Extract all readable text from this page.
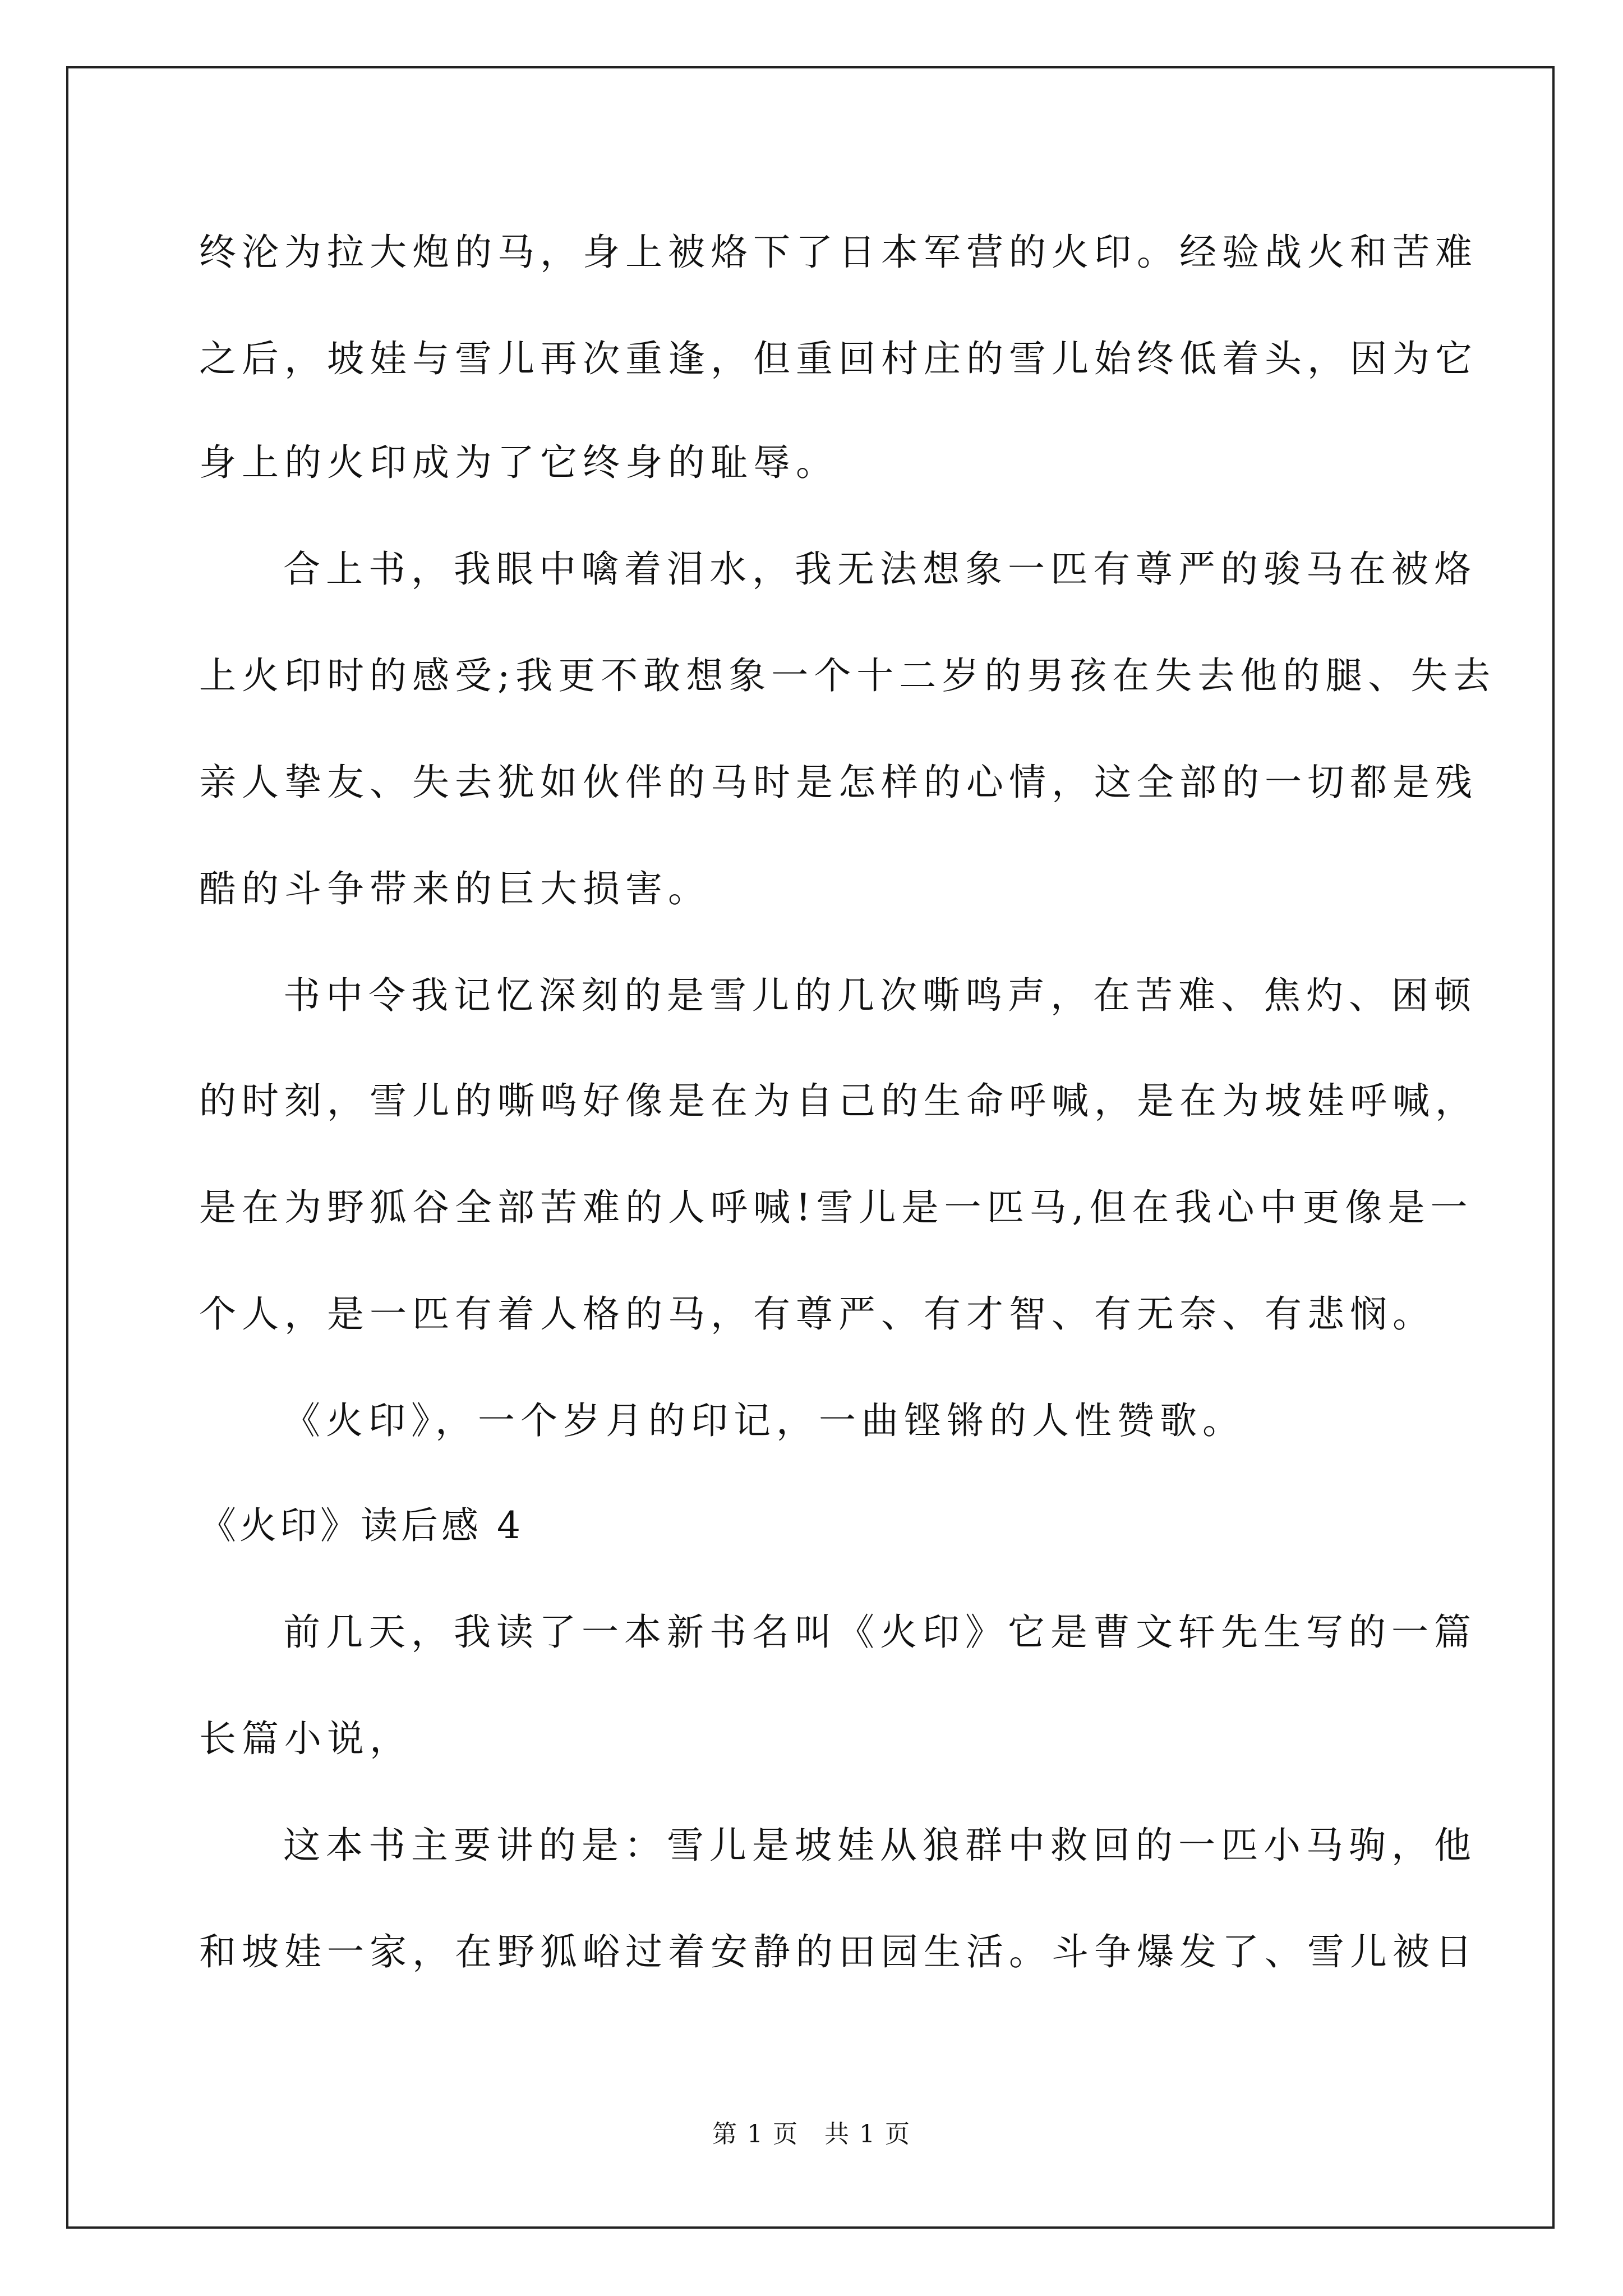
终沦为拉大炮的马，身上被烙下了日本军营的火印。经验战火和苦难
之后，坡娃与雪儿再次重逢，但重回村庄的雪儿始终低着头，因为它
身上的火印成为了它终身的耻辱。
合上书，我眼中噙着泪水，我无法想象一匹有尊严的骏马在被烙
上火印时的感受;我更不敢想象一个十二岁的男孩在失去他的腿、失去
亲人挚友、失去犹如伙伴的马时是怎样的心情，这全部的一切都是残
酷的斗争带来的巨大损害。
书中令我记忆深刻的是雪儿的几次嘶鸣声，在苦难、焦灼、困顿
的时刻，雪儿的嘶鸣好像是在为自己的生命呼喊，是在为坡娃呼喊，
是在为野狐谷全部苦难的人呼喊!雪儿是一匹马,但在我心中更像是一
个人，是一匹有着人格的马，有尊严、有才智、有无奈、有悲悯。
《火印》，一个岁月的印记，一曲铿锵的人性赞歌。
《火印》读后感 4
前几天，我读了一本新书名叫《火印》它是曹文轩先生写的一篇
长篇小说，
这本书主要讲的是：雪儿是坡娃从狼群中救回的一匹小马驹，他
和坡娃一家，在野狐峪过着安静的田园生活。斗争爆发了、雪儿被日
第 1 页　共 1 页
